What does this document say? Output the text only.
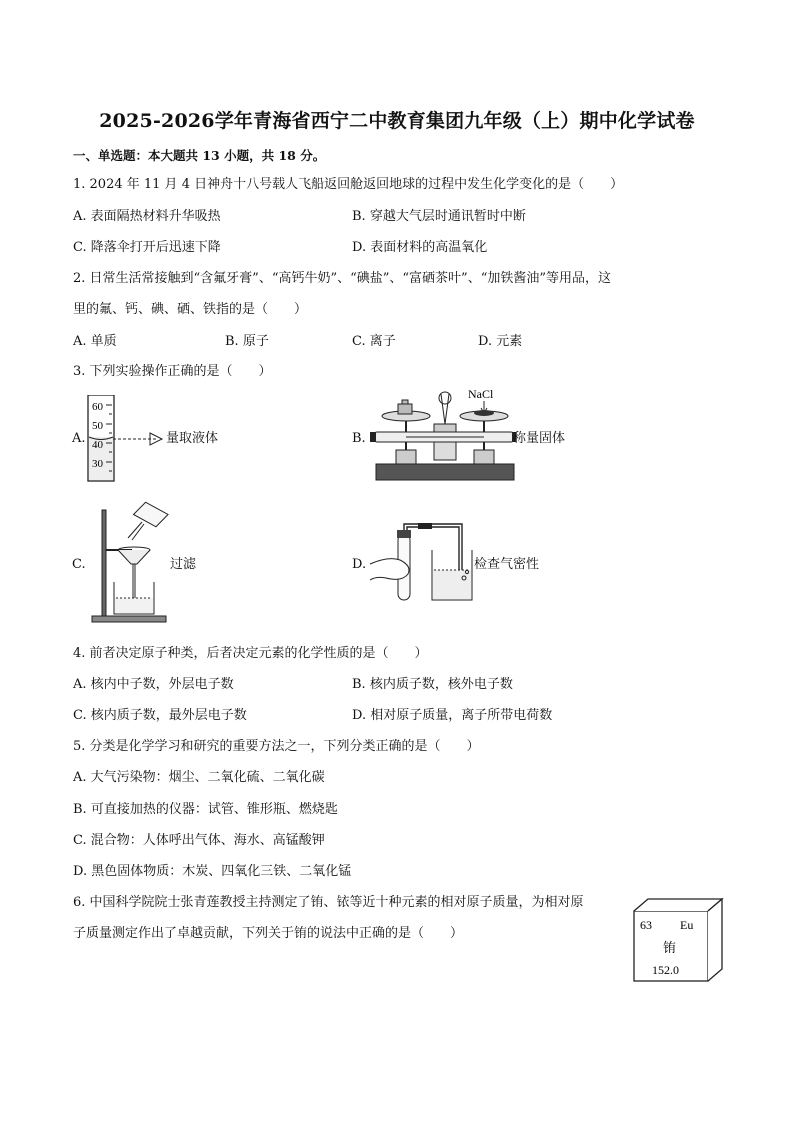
2025-2026学年青海省西宁二中教育集团九年级（上）期中化学试卷
一、单选题：本大题共 13 小题，共 18 分。
1. 2024 年 11 月 4 日神舟十八号载人飞船返回舱返回地球的过程中发生化学变化的是（　　）
A. 表面隔热材料升华吸热	B. 穿越大气层时通讯暂时中断
C. 降落伞打开后迅速下降	D. 表面材料的高温氧化
2. 日常生活常接触到“含氟牙膏”、“高钙牛奶”、“碘盐”、“富硒茶叶”、“加铁酱油”等用品，这
里的氟、钙、碘、硒、铁指的是（　　）
A. 单质	B. 原子	C. 离子	D. 元素
3. 下列实验操作正确的是（　　）
A.
60
50
40
30
量取液体	B.
NaCl
称量固体
C.	过滤	D.	检查气密性
4. 前者决定原子种类，后者决定元素的化学性质的是（　　）
A. 核内中子数，外层电子数	B. 核内质子数，核外电子数
C. 核内质子数，最外层电子数	D. 相对原子质量，离子所带电荷数
5. 分类是化学学习和研究的重要方法之一，下列分类正确的是（　　）
A. 大气污染物：烟尘、二氧化硫、二氧化碳
B. 可直接加热的仪器：试管、锥形瓶、燃烧匙
C. 混合物：人体呼出气体、海水、高锰酸钾
D. 黑色固体物质：木炭、四氧化三铁、二氧化锰
6. 中国科学院院士张青莲教授主持测定了铕、铱等近十种元素的相对原子质量，为相对原
子质量测定作出了卓越贡献，下列关于铕的说法中正确的是（　　）
63 Eu
铕
152.0
